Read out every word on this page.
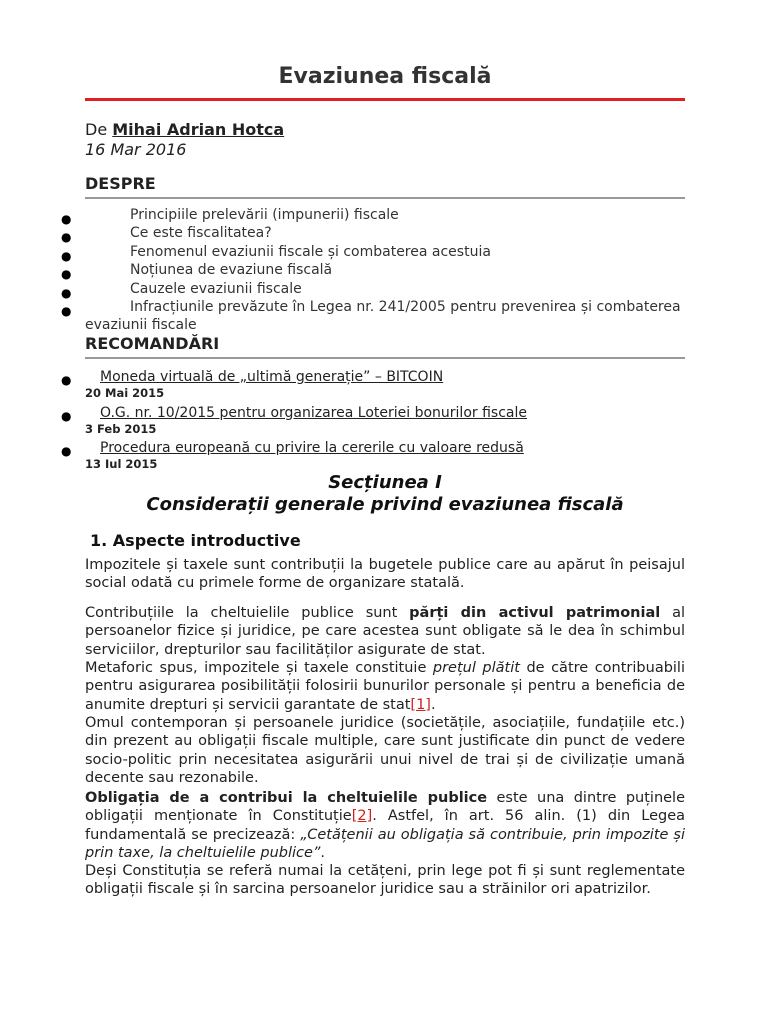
Evaziunea fiscală
De Mihai Adrian Hotca
16 Mar 2016
DESPRE
●	Principiile prelevării (impunerii) fiscale
●	Ce este fiscalitatea?
●	Fenomenul evaziunii fiscale și combaterea acestuia
●	Noțiunea de evaziune fiscală
●	Cauzele evaziunii fiscale
●	Infracțiunile prevăzute în Legea nr. 241/2005 pentru prevenirea și combaterea evaziunii fiscale
RECOMANDĂRI
●	Moneda virtuală de „ultimă generație” – BITCOIN
20 Mai 2015
●	O.G. nr. 10/2015 pentru organizarea Loteriei bonurilor fiscale
3 Feb 2015
●	Procedura europeană cu privire la cererile cu valoare redusă
13 Iul 2015
Secțiunea I
Considerații generale privind evaziunea fiscală
1. Aspecte introductive

Impozitele și taxele sunt contribuții la bugetele publice care au apărut în peisajul social odată cu primele forme de organizare statală.

Contribuțiile la cheltuielile publice sunt părți din activul patrimonial al persoanelor fizice și juridice, pe care acestea sunt obligate să le dea în schimbul serviciilor, drepturilor sau facilităților asigurate de stat.

Metaforic spus, impozitele și taxele constituie prețul plătit de către contribuabili pentru asigurarea posibilității folosirii bunurilor personale și pentru a beneficia de anumite drepturi și servicii garantate de stat[1].

Omul contemporan și persoanele juridice (societățile, asociațiile, fundațiile etc.) din prezent au obligații fiscale multiple, care sunt justificate din punct de vedere socio-politic prin necesitatea asigurării unui nivel de trai și de civilizație umană decente sau rezonabile.

Obligația de a contribui la cheltuielile publice este una dintre puținele obligații menționate în Constituție[2]. Astfel, în art. 56 alin. (1) din Legea fundamentală se precizează: „Cetățenii au obligația să contribuie, prin impozite și prin taxe, la cheltuielile publice”.

Deși Constituția se referă numai la cetățeni, prin lege pot fi și sunt reglementate obligații fiscale și în sarcina persoanelor juridice sau a străinilor ori apatrizilor.
